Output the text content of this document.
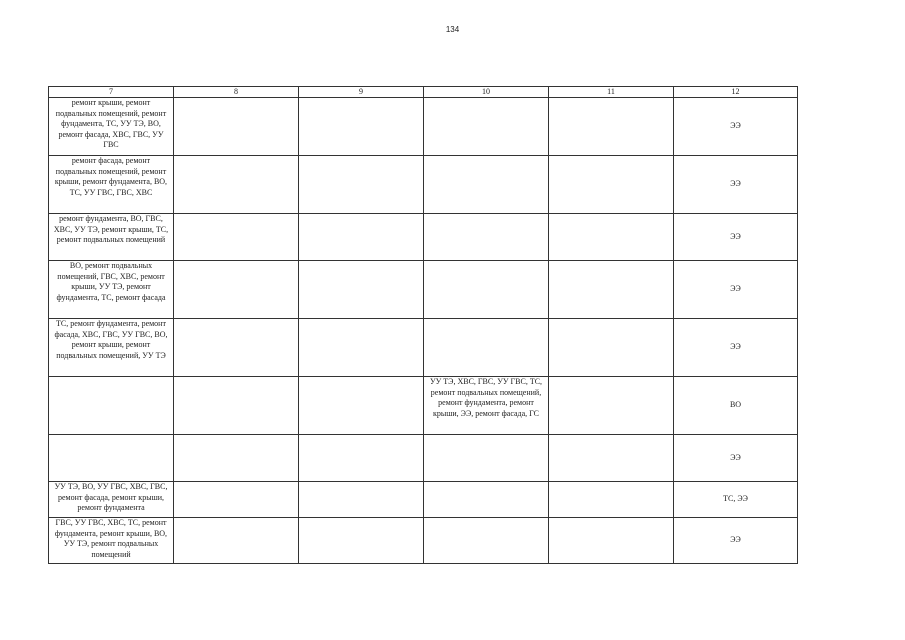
134
7	8	9	10	11	12
ремонт крыши, ремонт подвальных помещений, ремонт фундамента, ТС, УУ ТЭ, ВО, ремонт фасада, ХВС, ГВС, УУ ГВС					ЭЭ
ремонт фасада, ремонт подвальных помещений, ремонт крыши, ремонт фундамента, ВО, ТС, УУ ГВС, ГВС, ХВС					ЭЭ
ремонт фундамента, ВО, ГВС, ХВС, УУ ТЭ, ремонт крыши, ТС, ремонт подвальных помещений					ЭЭ
ВО, ремонт подвальных помещений, ГВС, ХВС, ремонт крыши, УУ ТЭ, ремонт фундамента, ТС, ремонт фасада					ЭЭ
ТС, ремонт фундамента, ремонт фасада, ХВС, ГВС, УУ ГВС, ВО, ремонт крыши, ремонт подвальных помещений, УУ ТЭ					ЭЭ
			УУ ТЭ, ХВС, ГВС, УУ ГВС, ТС, ремонт подвальных помещений, ремонт фундамента, ремонт крыши, ЭЭ, ремонт фасада, ГС		ВО
					ЭЭ
УУ ТЭ, ВО, УУ ГВС, ХВС, ГВС, ремонт фасада, ремонт крыши, ремонт фундамента					ТС, ЭЭ
ГВС, УУ ГВС, ХВС, ТС, ремонт фундамента, ремонт крыши, ВО, УУ ТЭ, ремонт подвальных помещений					ЭЭ
